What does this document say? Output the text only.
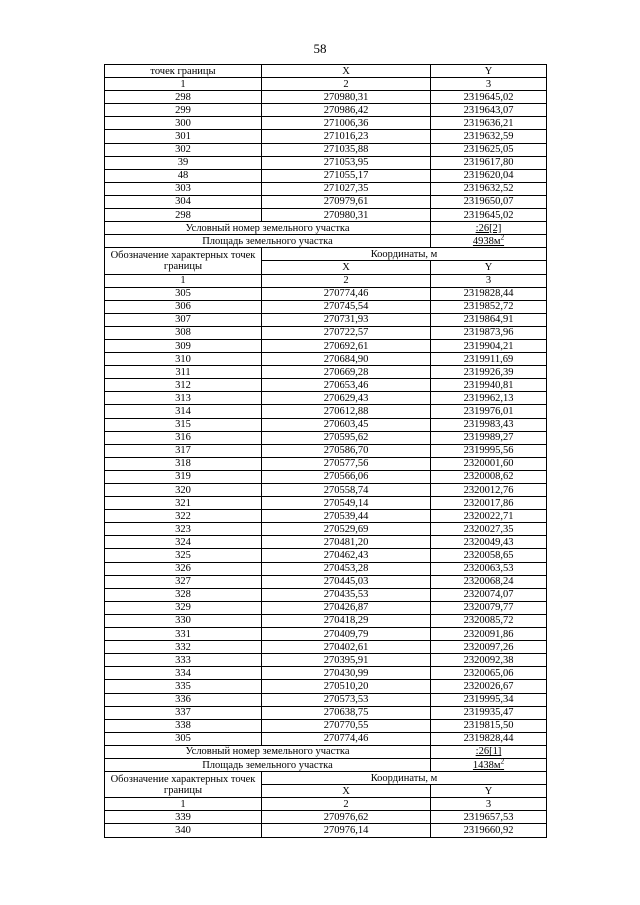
58
точек границы	X	Y
1	2	3
298	270980,31	2319645,02
299	270986,42	2319643,07
300	271006,36	2319636,21
301	271016,23	2319632,59
302	271035,88	2319625,05
39	271053,95	2319617,80
48	271055,17	2319620,04
303	271027,35	2319632,52
304	270979,61	2319650,07
298	270980,31	2319645,02
Условный номер земельного участка		:26[2]
Площадь земельного участка		$4938м^2$
Обозначение характерных точек границы	Координаты, м	
	X	Y
1	2	3
305	270774,46	2319828,44
306	270745,54	2319852,72
307	270731,93	2319864,91
308	270722,57	2319873,96
309	270692,61	2319904,21
310	270684,90	2319911,69
311	270669,28	2319926,39
312	270653,46	2319940,81
313	270629,43	2319962,13
314	270612,88	2319976,01
315	270603,45	2319983,43
316	270595,62	2319989,27
317	270586,70	2319995,56
318	270577,56	2320001,60
319	270566,06	2320008,62
320	270558,74	2320012,76
321	270549,14	2320017,86
322	270539,44	2320022,71
323	270529,69	2320027,35
324	270481,20	2320049,43
325	270462,43	2320058,65
326	270453,28	2320063,53
327	270445,03	2320068,24
328	270435,53	2320074,07
329	270426,87	2320079,77
330	270418,29	2320085,72
331	270409,79	2320091,86
332	270402,61	2320097,26
333	270395,91	2320092,38
334	270430,99	2320065,06
335	270510,20	2320026,67
336	270573,53	2319995,34
337	270638,75	2319935,47
338	270770,55	2319815,50
305	270774,46	2319828,44
Условный номер земельного участка		:26[1]
Площадь земельного участка		$1438м^2$
Обозначение характерных точек границы	Координаты, м	
	X	Y
1	2	3
339	270976,62	2319657,53
340	270976,14	2319660,92
